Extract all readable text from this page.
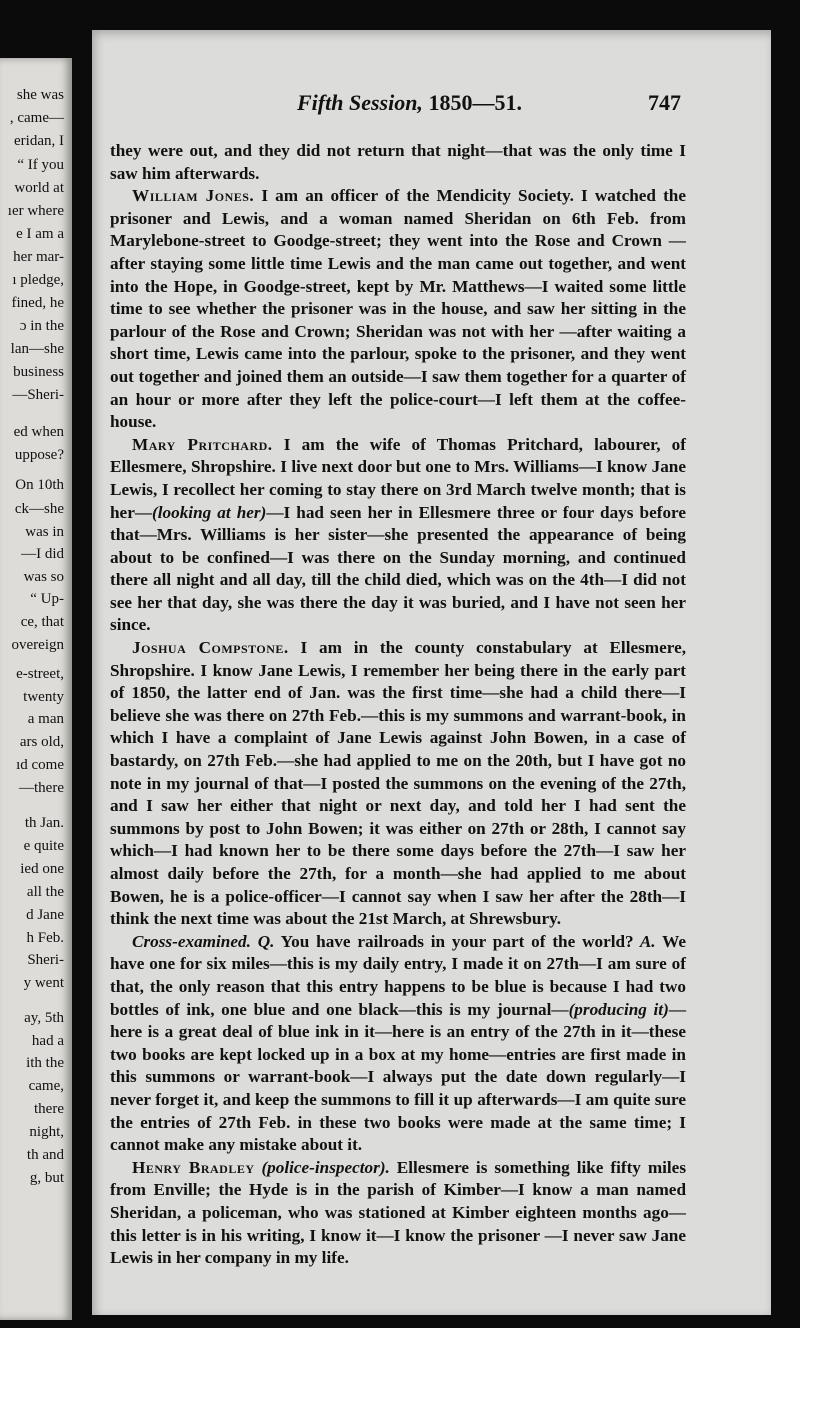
she was
, came—
eridan, I
“ If you
world at
ıer where
e I am a
her mar-
ı pledge,
fined, he
ɔ in the
lan—she
business
—Sheri-
ed when
uppose?
On 10th
ck—she
was in
—I did
was so
“ Up-
ce, that
overeign
e-street,
twenty
a man
ars old,
ıd come
—there
th Jan.
e quite
ied one
all the
d Jane
h Feb.
Sheri-
y went
ay, 5th
had a
ith the
came,
there
night,
th and
g, but
Fifth Session, 1850—51.	747

they were out, and they did not return that night—that was the only time I saw him afterwards.

William Jones. I am an officer of the Mendicity Society. I watched the prisoner and Lewis, and a woman named Sheridan on 6th Feb. from Marylebone-street to Goodge-street; they went into the Rose and Crown —after staying some little time Lewis and the man came out together, and went into the Hope, in Goodge-street, kept by Mr. Matthews—I waited some little time to see whether the prisoner was in the house, and saw her sitting in the parlour of the Rose and Crown; Sheridan was not with her —after waiting a short time, Lewis came into the parlour, spoke to the prisoner, and they went out together and joined them an outside—I saw them together for a quarter of an hour or more after they left the police-court—I left them at the coffee-house.

Mary Pritchard. I am the wife of Thomas Pritchard, labourer, of Ellesmere, Shropshire. I live next door but one to Mrs. Williams—I know Jane Lewis, I recollect her coming to stay there on 3rd March twelve month; that is her—(looking at her)—I had seen her in Ellesmere three or four days before that—Mrs. Williams is her sister—she presented the appearance of being about to be confined—I was there on the Sunday morning, and continued there all night and all day, till the child died, which was on the 4th—I did not see her that day, she was there the day it was buried, and I have not seen her since.

Joshua Compstone. I am in the county constabulary at Ellesmere, Shropshire. I know Jane Lewis, I remember her being there in the early part of 1850, the latter end of Jan. was the first time—she had a child there—I believe she was there on 27th Feb.—this is my summons and warrant-book, in which I have a complaint of Jane Lewis against John Bowen, in a case of bastardy, on 27th Feb.—she had applied to me on the 20th, but I have got no note in my journal of that—I posted the summons on the evening of the 27th, and I saw her either that night or next day, and told her I had sent the summons by post to John Bowen; it was either on 27th or 28th, I cannot say which—I had known her to be there some days before the 27th—I saw her almost daily before the 27th, for a month—she had applied to me about Bowen, he is a police-officer—I cannot say when I saw her after the 28th—I think the next time was about the 21st March, at Shrewsbury.

Cross-examined. Q. You have railroads in your part of the world? A. We have one for six miles—this is my daily entry, I made it on 27th—I am sure of that, the only reason that this entry happens to be blue is because I had two bottles of ink, one blue and one black—this is my journal—(producing it)—here is a great deal of blue ink in it—here is an entry of the 27th in it—these two books are kept locked up in a box at my home—entries are first made in this summons or warrant-book—I always put the date down regularly—I never forget it, and keep the summons to fill it up afterwards—I am quite sure the entries of 27th Feb. in these two books were made at the same time; I cannot make any mistake about it.

Henry Bradley (police-inspector). Ellesmere is something like fifty miles from Enville; the Hyde is in the parish of Kimber—I know a man named Sheridan, a policeman, who was stationed at Kimber eighteen months ago—this letter is in his writing, I know it—I know the prisoner —I never saw Jane Lewis in her company in my life.
